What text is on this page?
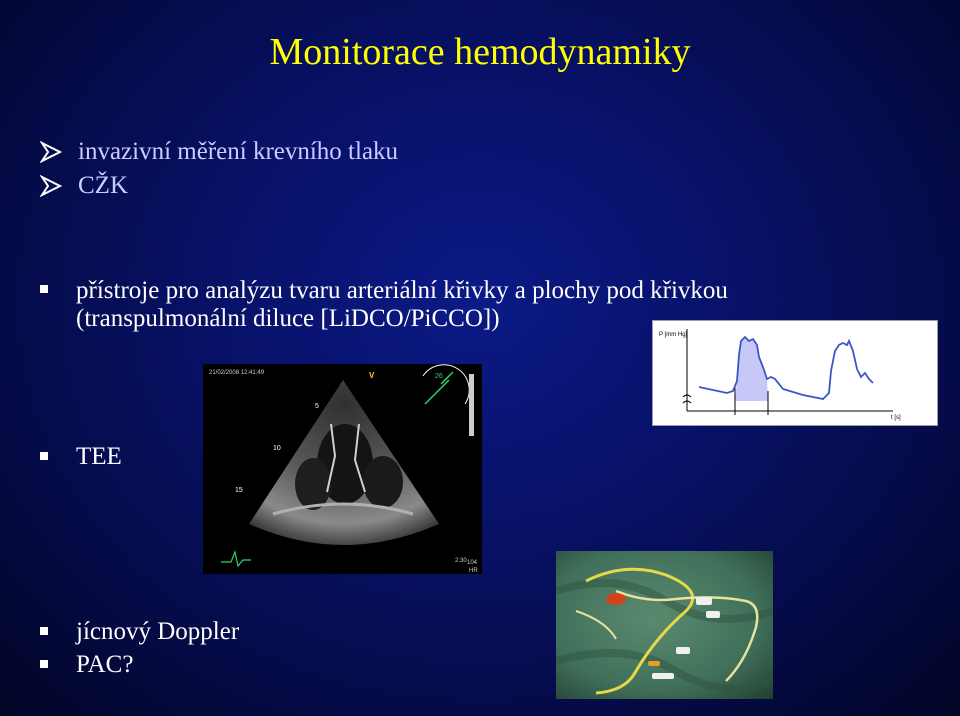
Monitorace hemodynamiky
invazivní měření krevního tlaku
CŽK
přístroje pro analýzu tvaru arteriální křivky a plochy pod křivkou
(transpulmonální diluce [LiDCO/PiCCO])
TEE
jícnový Doppler
PAC?
P [mm Hg]
t [s]
21/02/2008 12:41:49	V	26
5
10
15
2:30 104
HR
